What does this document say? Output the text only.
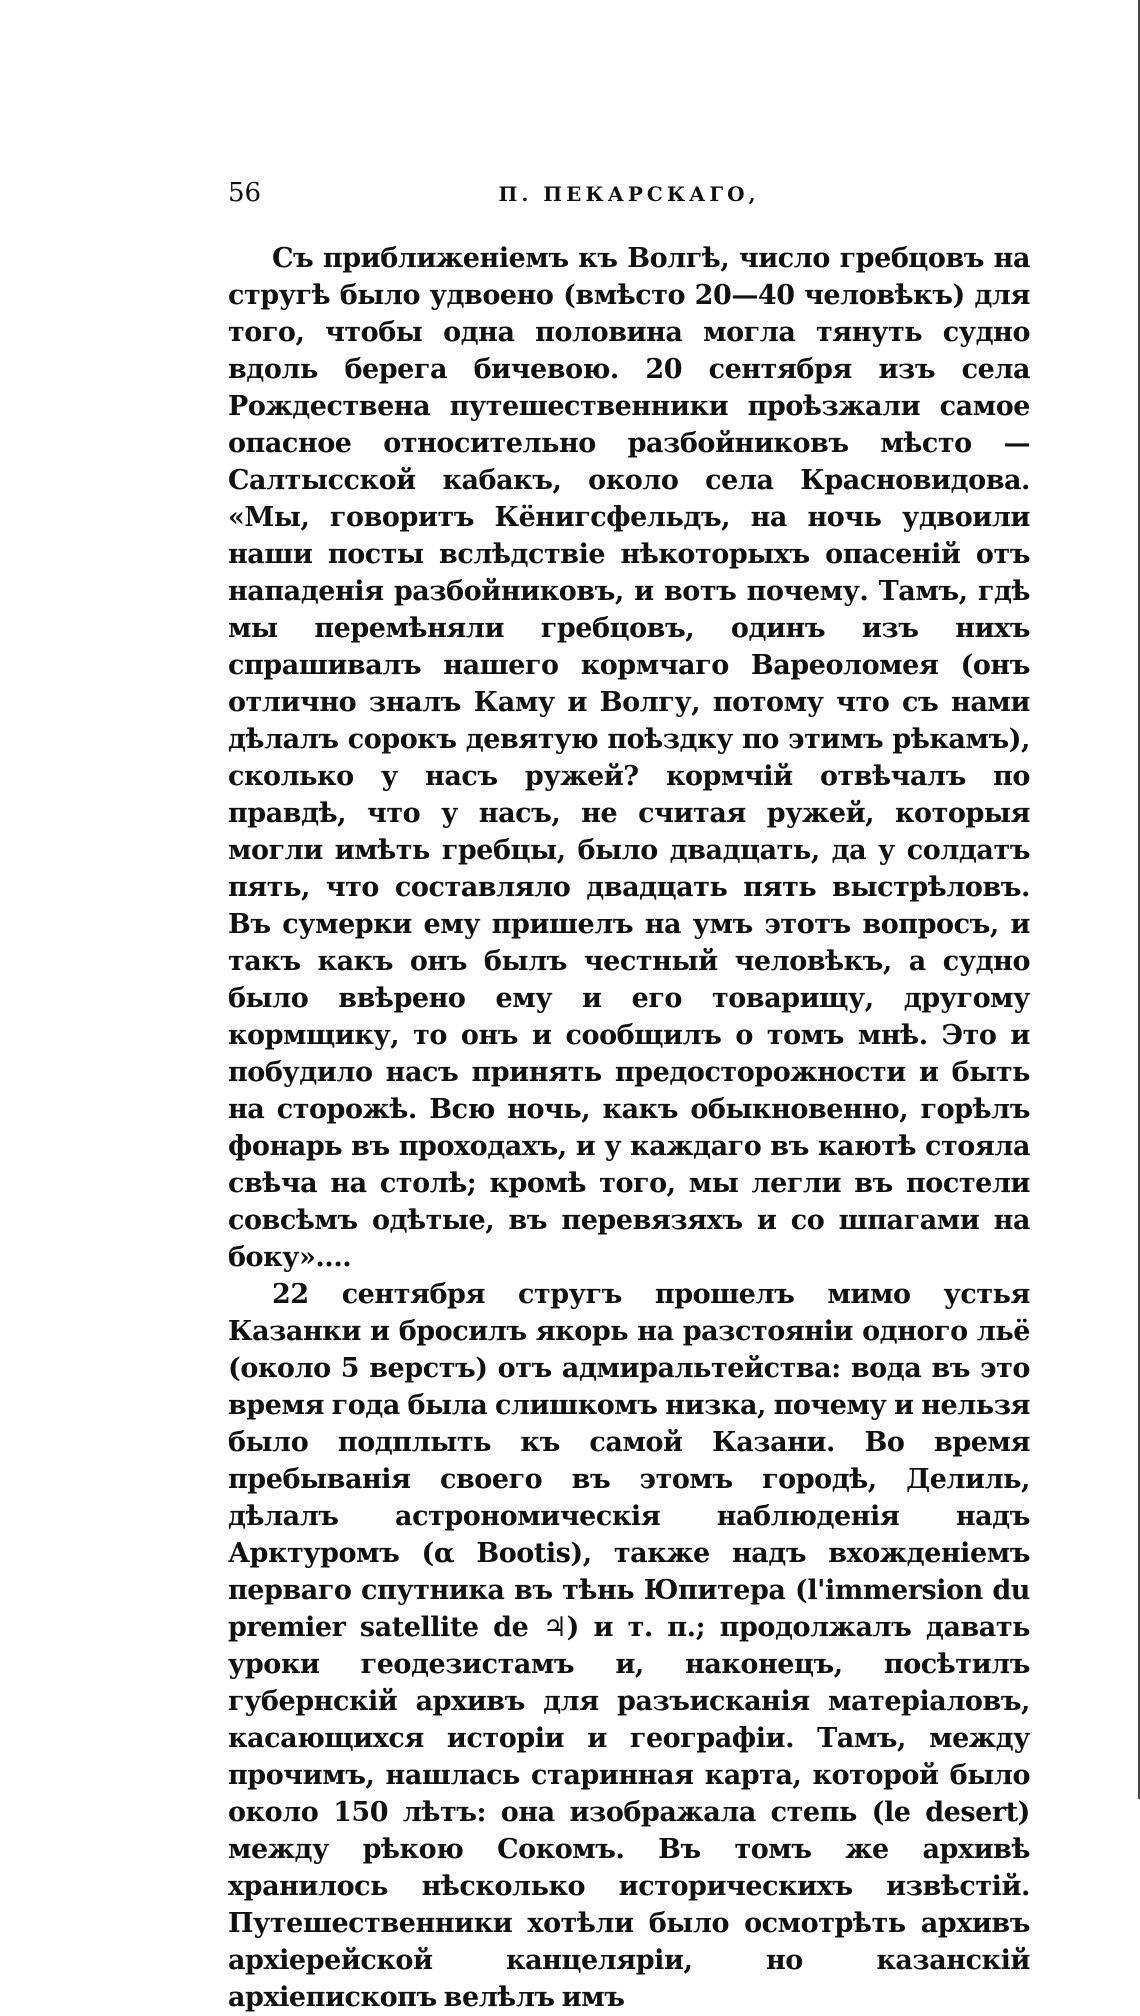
56	П. ПЕКАРСКАГО,

Съ приближеніемъ къ Волгѣ, число гребцовъ на стругѣ было удвоено (вмѣсто 20—40 человѣкъ) для того, чтобы одна половина могла тянуть судно вдоль берега бичевою. 20 сентября изъ села Рождествена путешественники проѣзжали самое опасное относительно разбойниковъ мѣсто — Салтысской кабакъ, около села Красновидова. «Мы, говоритъ Кёнигсфельдъ, на ночь удвоили наши посты вслѣдствіе нѣкоторыхъ опасеній отъ нападенія разбойниковъ, и вотъ почему. Тамъ, гдѣ мы перемѣняли гребцовъ, одинъ изъ нихъ спрашивалъ нашего кормчаго Вареоломея (онъ отлично зналъ Каму и Волгу, потому что съ нами дѣлалъ сорокъ девятую поѣздку по этимъ рѣкамъ), сколько у насъ ружей? кормчій отвѣчалъ по правдѣ, что у насъ, не считая ружей, которыя могли имѣть гребцы, было двадцать, да у солдатъ пять, что составляло двадцать пять выстрѣловъ. Въ сумерки ему пришелъ на умъ этотъ вопросъ, и такъ какъ онъ былъ честный человѣкъ, а судно было ввѣрено ему и его товарищу, другому кормщику, то онъ и сообщилъ о томъ мнѣ. Это и побудило насъ принять предосторожности и быть на сторожѣ. Всю ночь, какъ обыкновенно, горѣлъ фонарь въ проходахъ, и у каждаго въ каютѣ стояла свѣча на столѣ; кромѣ того, мы легли въ постели совсѣмъ одѣтые, въ перевязяхъ и со шпагами на боку»....

22 сентября стругъ прошелъ мимо устья Казанки и бросилъ якорь на разстояніи одного льё (около 5 верстъ) отъ адмиральтейства: вода въ это время года была слишкомъ низка, почему и нельзя было подплыть къ самой Казани. Во время пребыванія своего въ этомъ городѣ, Делиль, дѣлалъ астрономическія наблюденія надъ Арктуромъ (α Bootis), также надъ вхожденіемъ перваго спутника въ тѣнь Юпитера (l'immersion du premier satellite de ♃) и т. п.; продолжалъ давать уроки геодезистамъ и, наконецъ, посѣтилъ губернскій архивъ для разъисканія матеріаловъ, касающихся исторіи и географіи. Тамъ, между прочимъ, нашлась старинная карта, которой было около 150 лѣтъ: она изображала степь (le desert) между рѣкою Сокомъ. Въ томъ же архивѣ хранилось нѣсколько историческихъ извѣстій. Путешественники хотѣли было осмотрѣть архивъ архіерейской канцеляріи, но казанскій архіепископъ велѣлъ имъ
